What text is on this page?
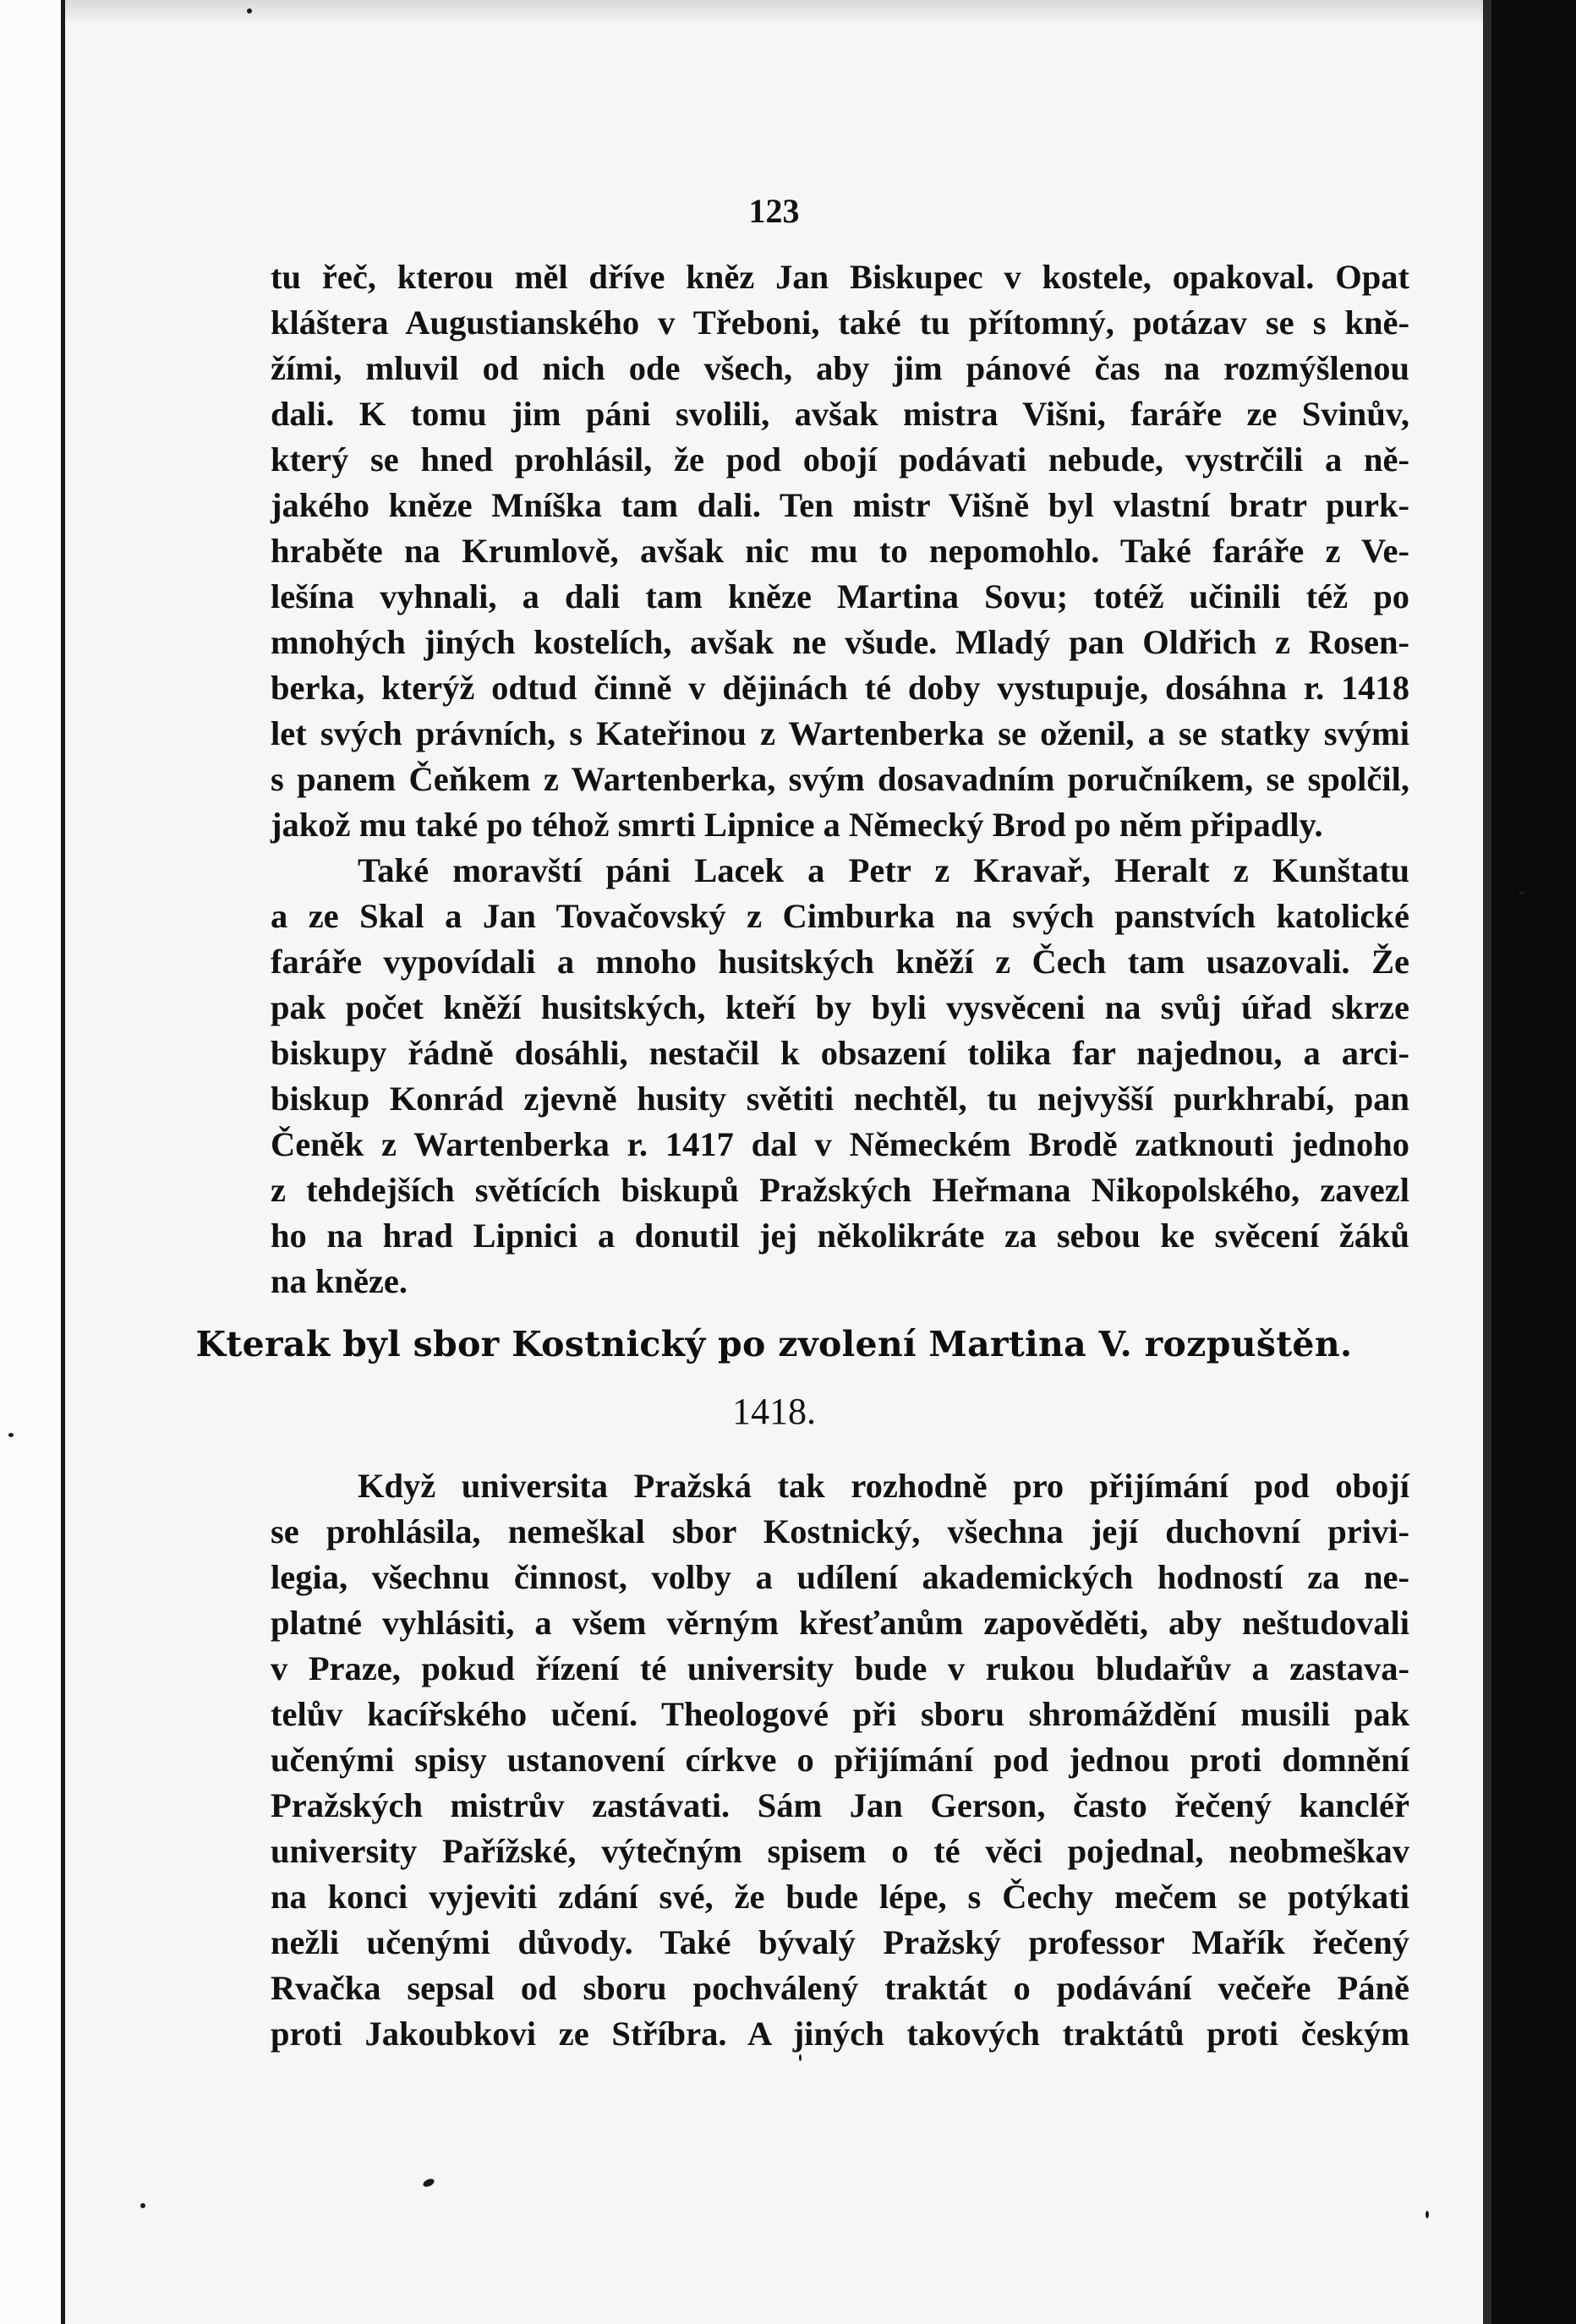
123
tu řeč, kterou měl dříve kněz Jan Biskupec v kostele, opakoval. Opat
kláštera Augustianského v Třeboni, také tu přítomný, potázav se s kně-
žími, mluvil od nich ode všech, aby jim pánové čas na rozmýšlenou
dali. K tomu jim páni svolili, avšak mistra Višni, faráře ze Svinův,
který se hned prohlásil, že pod obojí podávati nebude, vystrčili a ně-
jakého kněze Mníška tam dali. Ten mistr Višně byl vlastní bratr purk-
hraběte na Krumlově, avšak nic mu to nepomohlo. Také faráře z Ve-
lešína vyhnali, a dali tam kněze Martina Sovu; totéž učinili též po
mnohých jiných kostelích, avšak ne všude. Mladý pan Oldřich z Rosen-
berka, kterýž odtud činně v dějinách té doby vystupuje, dosáhna r. 1418
let svých právních, s Kateřinou z Wartenberka se oženil, a se statky svými
s panem Čeňkem z Wartenberka, svým dosavadním poručníkem, se spolčil,
jakož mu také po téhož smrti Lipnice a Německý Brod po něm připadly.
Také moravští páni Lacek a Petr z Kravař, Heralt z Kunštatu
a ze Skal a Jan Tovačovský z Cimburka na svých panstvích katolické
faráře vypovídali a mnoho husitských kněží z Čech tam usazovali. Že
pak počet kněží husitských, kteří by byli vysvěceni na svůj úřad skrze
biskupy řádně dosáhli, nestačil k obsazení tolika far najednou, a arci-
biskup Konrád zjevně husity světiti nechtěl, tu nejvyšší purkhrabí, pan
Čeněk z Wartenberka r. 1417 dal v Německém Brodě zatknouti jednoho
z tehdejších světících biskupů Pražských Heřmana Nikopolského, zavezl
ho na hrad Lipnici a donutil jej několikráte za sebou ke svěcení žáků
na kněze.
Kterak byl sbor Kostnický po zvolení Martina V. rozpuštěn.
1418.
Když universita Pražská tak rozhodně pro přijímání pod obojí
se prohlásila, nemeškal sbor Kostnický, všechna její duchovní privi-
legia, všechnu činnost, volby a udílení akademických hodností za ne-
platné vyhlásiti, a všem věrným křesťanům zapověděti, aby neštudovali
v Praze, pokud řízení té university bude v rukou bludařův a zastava-
telův kacířského učení. Theologové při sboru shromáždění musili pak
učenými spisy ustanovení církve o přijímání pod jednou proti domnění
Pražských mistrův zastávati. Sám Jan Gerson, často řečený kancléř
university Pařížské, výtečným spisem o té věci pojednal, neobmeškav
na konci vyjeviti zdání své, že bude lépe, s Čechy mečem se potýkati
nežli učenými důvody. Také bývalý Pražský professor Mařík řečený
Rvačka sepsal od sboru pochválený traktát o podávání večeře Páně
proti Jakoubkovi ze Stříbra. A jiných takových traktátů proti českým
